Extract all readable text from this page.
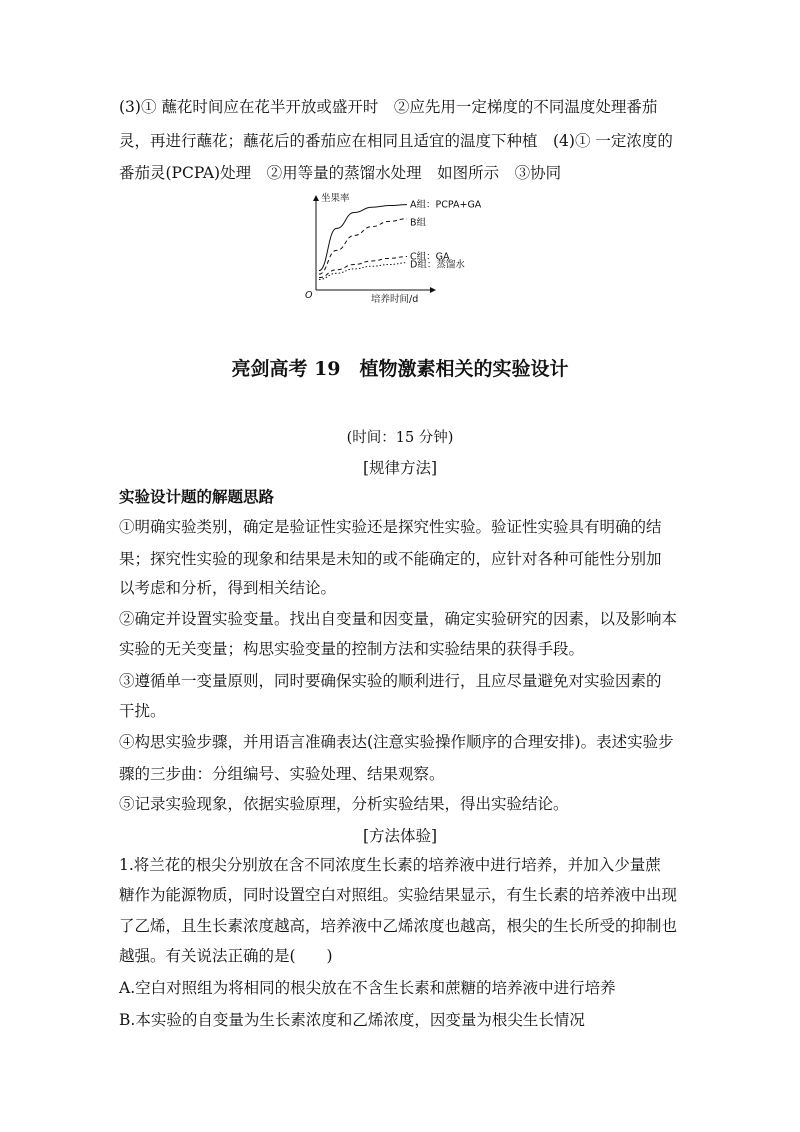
(3)① 蘸花时间应在花半开放或盛开时　②应先用一定梯度的不同温度处理番茄
灵，再进行蘸花；蘸花后的番茄应在相同且适宜的温度下种植　(4)① 一定浓度的
番茄灵(PCPA)处理　②用等量的蒸馏水处理　如图所示　③协同
坐果率
培养时间/d
O
A组：PCPA+GA
B组
C组：GA
D组：蒸馏水
亮剑高考 19　植物激素相关的实验设计
(时间：15 分钟)
[规律方法]
实验设计题的解题思路
①明确实验类别，确定是验证性实验还是探究性实验。验证性实验具有明确的结
果；探究性实验的现象和结果是未知的或不能确定的，应针对各种可能性分别加
以考虑和分析，得到相关结论。
②确定并设置实验变量。找出自变量和因变量，确定实验研究的因素，以及影响本
实验的无关变量；构思实验变量的控制方法和实验结果的获得手段。
③遵循单一变量原则，同时要确保实验的顺利进行，且应尽量避免对实验因素的
干扰。
④构思实验步骤，并用语言准确表达(注意实验操作顺序的合理安排)。表述实验步
骤的三步曲：分组编号、实验处理、结果观察。
⑤记录实验现象，依据实验原理，分析实验结果，得出实验结论。
[方法体验]
1.将兰花的根尖分别放在含不同浓度生长素的培养液中进行培养，并加入少量蔗
糖作为能源物质，同时设置空白对照组。实验结果显示，有生长素的培养液中出现
了乙烯，且生长素浓度越高，培养液中乙烯浓度也越高，根尖的生长所受的抑制也
越强。有关说法正确的是(　　)
A.空白对照组为将相同的根尖放在不含生长素和蔗糖的培养液中进行培养
B.本实验的自变量为生长素浓度和乙烯浓度，因变量为根尖生长情况
